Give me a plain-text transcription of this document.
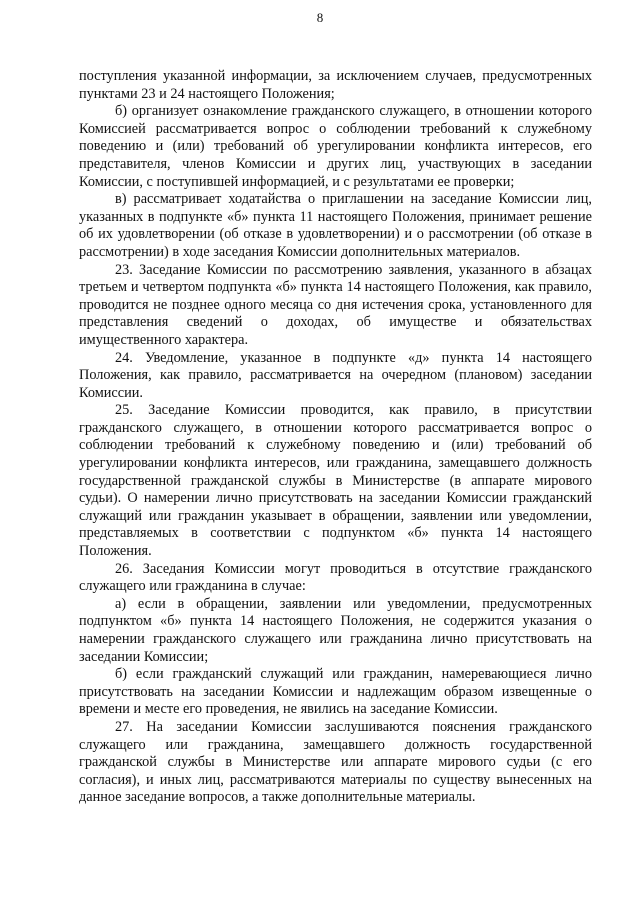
8

поступления указанной информации, за исключением случаев, предусмотренных пунктами 23 и 24 настоящего Положения;

б) организует ознакомление гражданского служащего, в отношении которого Комиссией рассматривается вопрос о соблюдении требований к служебному поведению и (или) требований об урегулировании конфликта интересов, его представителя, членов Комиссии и других лиц, участвующих в заседании Комиссии, с поступившей информацией, и с результатами ее проверки;

в) рассматривает ходатайства о приглашении на заседание Комиссии лиц, указанных в подпункте «б» пункта 11 настоящего Положения, принимает решение об их удовлетворении (об отказе в удовлетворении) и о рассмотрении (об отказе в рассмотрении) в ходе заседания Комиссии дополнительных материалов.

23. Заседание Комиссии по рассмотрению заявления, указанного в абзацах третьем и четвертом подпункта «б» пункта 14 настоящего Положения, как правило, проводится не позднее одного месяца со дня истечения срока, установленного для представления сведений о доходах, об имуществе и обязательствах имущественного характера.

24. Уведомление, указанное в подпункте «д» пункта 14 настоящего Положения, как правило, рассматривается на очередном (плановом) заседании Комиссии.

25. Заседание Комиссии проводится, как правило, в присутствии гражданского служащего, в отношении которого рассматривается вопрос о соблюдении требований к служебному поведению и (или) требований об урегулировании конфликта интересов, или гражданина, замещавшего должность государственной гражданской службы в Министерстве (в аппарате мирового судьи). О намерении лично присутствовать на заседании Комиссии гражданский служащий или гражданин указывает в обращении, заявлении или уведомлении, представляемых в соответствии с подпунктом «б» пункта 14 настоящего Положения.

26. Заседания Комиссии могут проводиться в отсутствие гражданского служащего или гражданина в случае:

а) если в обращении, заявлении или уведомлении, предусмотренных подпунктом «б» пункта 14 настоящего Положения, не содержится указания о намерении гражданского служащего или гражданина лично присутствовать на заседании Комиссии;

б) если гражданский служащий или гражданин, намеревающиеся лично присутствовать на заседании Комиссии и надлежащим образом извещенные о времени и месте его проведения, не явились на заседание Комиссии.

27. На заседании Комиссии заслушиваются пояснения гражданского служащего или гражданина, замещавшего должность государственной гражданской службы в Министерстве или аппарате мирового судьи (с его согласия), и иных лиц, рассматриваются материалы по существу вынесенных на данное заседание вопросов, а также дополнительные материалы.
